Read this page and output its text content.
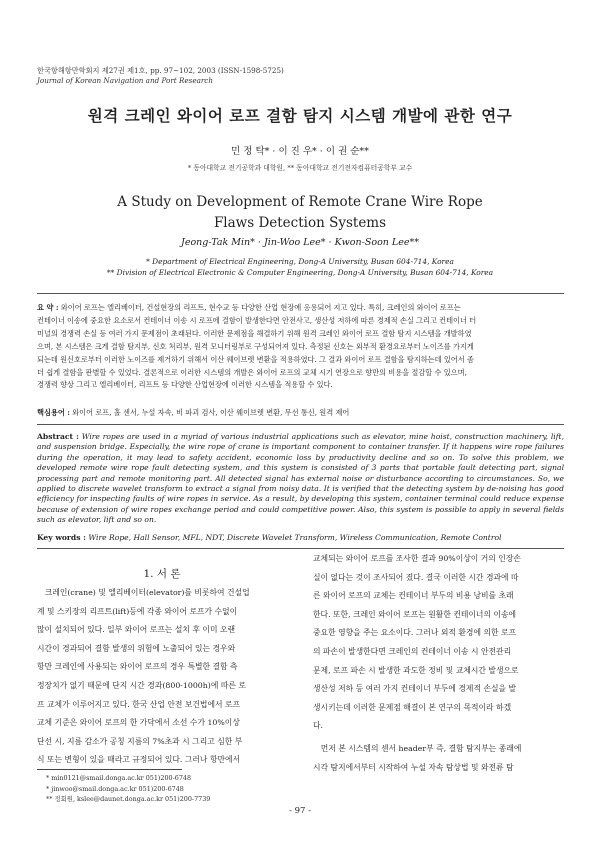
한국항해항만학회지 제27권 제1호, pp. 97~102, 2003 (ISSN-1598-5725)
Journal of Korean Navigation and Port Research
원격 크레인 와이어 로프 결함 탐지 시스템 개발에 관한 연구
민 정 탁* · 이 진 우* · 이 권 순**
* 동아대학교 전기공학과 대학원, ** 동아대학교 전기전자컴퓨터공학부 교수
A Study on Development of Remote Crane Wire Rope
Flaws Detection Systems
Jeong-Tak Min* · Jin-Woo Lee* · Kwon-Soon Lee**
* Department of Electrical Engineering, Dong-A University, Busan 604-714, Korea
** Division of Electrical Electronic & Computer Engineering, Dong-A University, Busan 604-714, Korea
요 약 : 와이어 로프는 엘리베이터, 건설현장의 리프트, 현수교 등 다양한 산업 현장에 응용되어 지고 있다. 특히, 크레인의 와이어 로프는
컨테이너 이송에 중요한 요소로서 컨테이너 이송 시 로프에 결함이 발생한다면 안전사고, 생산성 저하에 따른 경제적 손실 그리고 컨테이너 터
미널의 경쟁력 손실 등 여러 가지 문제점이 초래된다. 이러한 문제점을 해결하기 위해 원격 크레인 와이어 로프 결함 탐지 시스템을 개발하였
으며, 본 시스템은 크게 결함 탐지부, 신호 처리부, 원격 모니터링부로 구성되어져 있다. 측정된 신호는 외부적 환경요로부터 노이즈를 가지게
되는데 원신호로부터 이러한 노이즈를 제거하기 위해서 이산 웨이브렛 변환을 적용하였다. 그 결과 와이어 로프 결함을 탐지하는데 있어서 좀
더 쉽게 결함을 판별할 수 있었다. 결론적으로 이러한 시스템의 개발은 와이어 로프의 교체 시기 연장으로 향만의 비용을 절감할 수 있으며,
경쟁력 향상 그리고 엘리베이터, 리프트 등 다양한 산업현장에 이러한 시스템을 적용할 수 있다.
핵심용어 : 와이어 로프, 홀 센서, 누설 자속, 비 파괴 검사, 이산 웨이브렛 변환, 무선 통신, 원격 제어
Abstract : Wire ropes are used in a myriad of various industrial applications such as elevator, mine hoist, construction machinery, lift, and suspension bridge. Especially, the wire rope of crane is important component to container transfer. If it happens wire rope failures during the operation, it may lead to safety accident, economic loss by productivity decline and so on. To solve this problem, we developed remote wire rope fault detecting system, and this system is consisted of 3 parts that portable fault detecting part, signal processing part and remote monitoring part. All detected signal has external noise or disturbance according to circumstances. So, we applied to discrete wavelet transform to extract a signal from noisy data. It is verified that the detecting system by de-noising has good efficiency for inspecting faults of wire ropes in service. As a result, by developing this system, container terminal could reduce expense because of extension of wire ropes exchange period and could competitive power. Also, this system is possible to apply in several fields such as elevator, lift and so on.
Key words : Wire Rope, Hall Sensor, MFL, NDT, Discrete Wavelet Transform, Wireless Communication, Remote Control
1. 서 론

크레인(crane) 및 엘리베이터(elevator)를 비롯하여 건설업

계 및 스키장의 리프트(lift)등에 각종 와이어 로프가 수없이

많이 설치되어 있다. 일부 와이어 로프는 설치 후 이미 오랜

시간이 경과되어 결함 발생의 위험에 노출되어 있는 경우와

항만 크레인에 사용되는 와이어 로프의 경우 특별한 결함 측

정장치가 없기 때문에 단지 시간 경과(800-1000h)에 따른 로

프 교체가 이루어지고 있다. 한국 산업 안전 보건법에서 로프

교체 기준은 와이어 로프의 한 가닥에서 소선 수가 10%이상

단선 시, 지름 감소가 공칭 지름의 7%초과 시 그리고 심한 부

식 또는 변형이 있을 때라고 규정되어 있다. 그러나 항만에서

교체되는 와이어 로프를 조사한 결과 90%이상이 거의 인장손

실이 없다는 것이 조사되어 졌다. 결국 이러한 시간 경과에 따

른 와이어 로프의 교체는 컨테이너 부두의 비용 낭비를 초래

한다. 또한, 크레인 와이어 로프는 원활한 컨테이너의 이송에

중요한 영향을 주는 요소이다. 그러나 외적 환경에 의한 로프

의 파손이 발생한다면 크레인의 컨테이너 이송 시 안전관리

문제, 로프 파손 시 발생한 과도한 정비 및 교체시간 발생으로

생산성 저하 등 여러 가지 컨테이너 부두에 경제적 손실을 발

생시키는데 이러한 문제점 해결이 본 연구의 목적이라 하겠

다.

먼저 본 시스템의 센서 header부 즉, 결함 탐지부는 종래에

시각 탐지에서부터 시작하여 누설 자속 탐상법 및 와전류 탐

* min0121@smail.donga.ac.kr 051)200-6748
* jinwoo@smail.donga.ac.kr 051)200-6748
** 정회원, kslee@daunet.donga.ac.kr 051)200-7739
- 97 -
